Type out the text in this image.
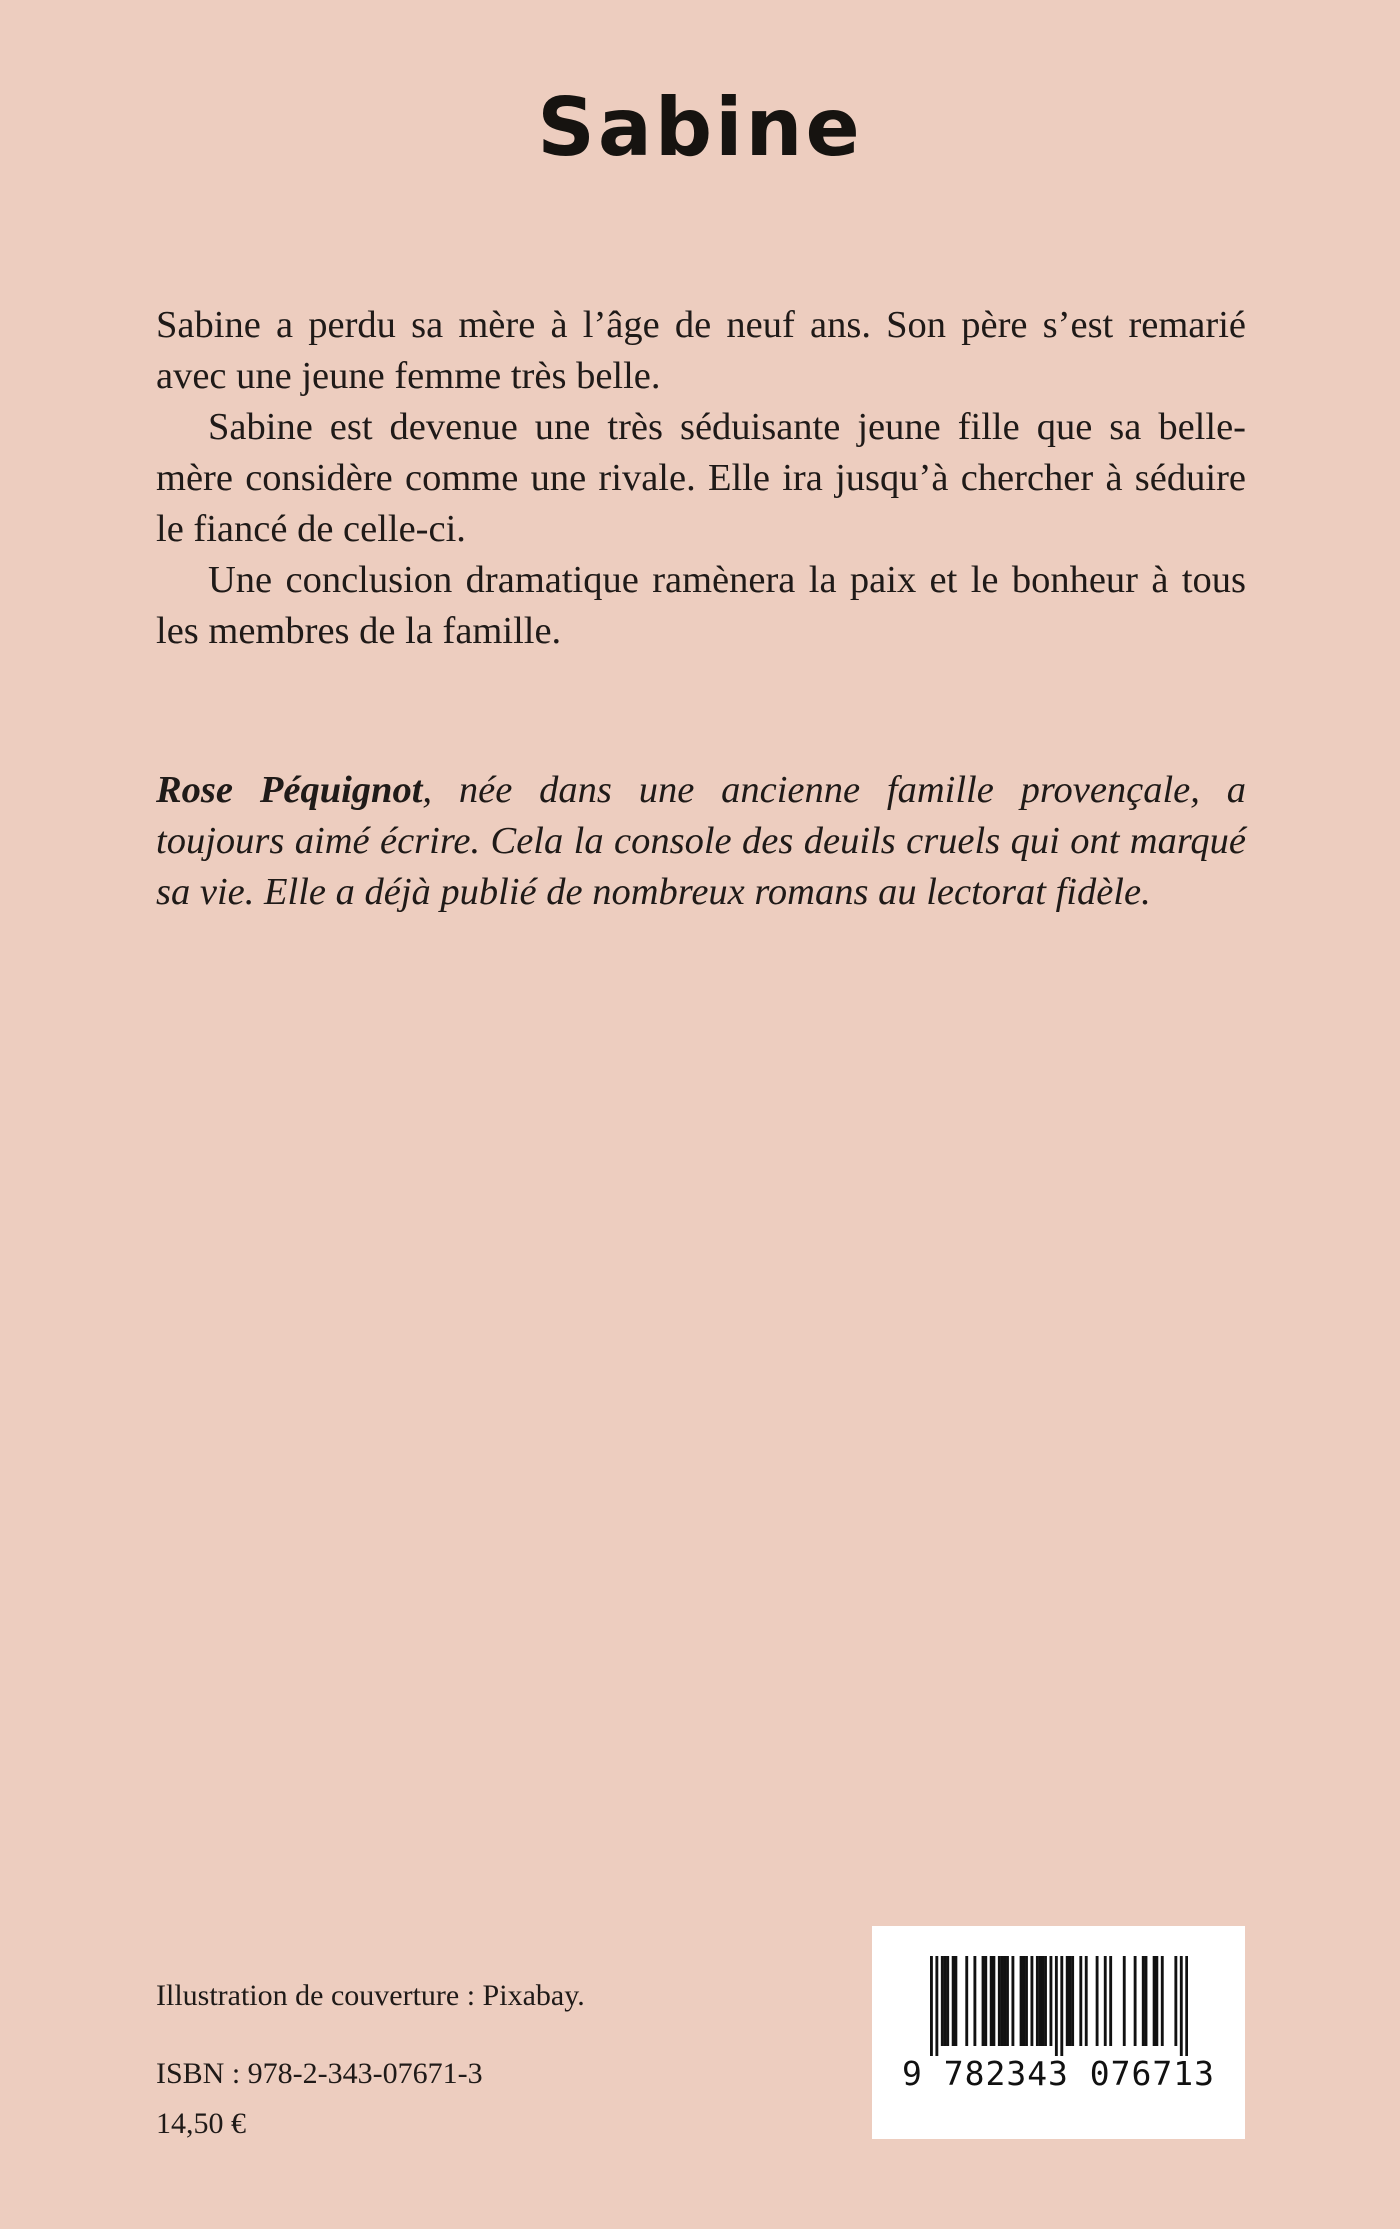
Sabine

Sabine a perdu sa mère à l’âge de neuf ans. Son père s’est remarié avec une jeune femme très belle.

Sabine est devenue une très séduisante jeune fille que sa belle-mère considère comme une rivale. Elle ira jusqu’à chercher à séduire le fiancé de celle-ci.

Une conclusion dramatique ramènera la paix et le bonheur à tous les membres de la famille.

Rose Péquignot, née dans une ancienne famille provençale, a toujours aimé écrire. Cela la console des deuils cruels qui ont marqué sa vie. Elle a déjà publié de nombreux romans au lectorat fidèle.

Illustration de couverture : Pixabay.

ISBN : 978-2-343-07671-3

14,50 €

9 782343 076713
